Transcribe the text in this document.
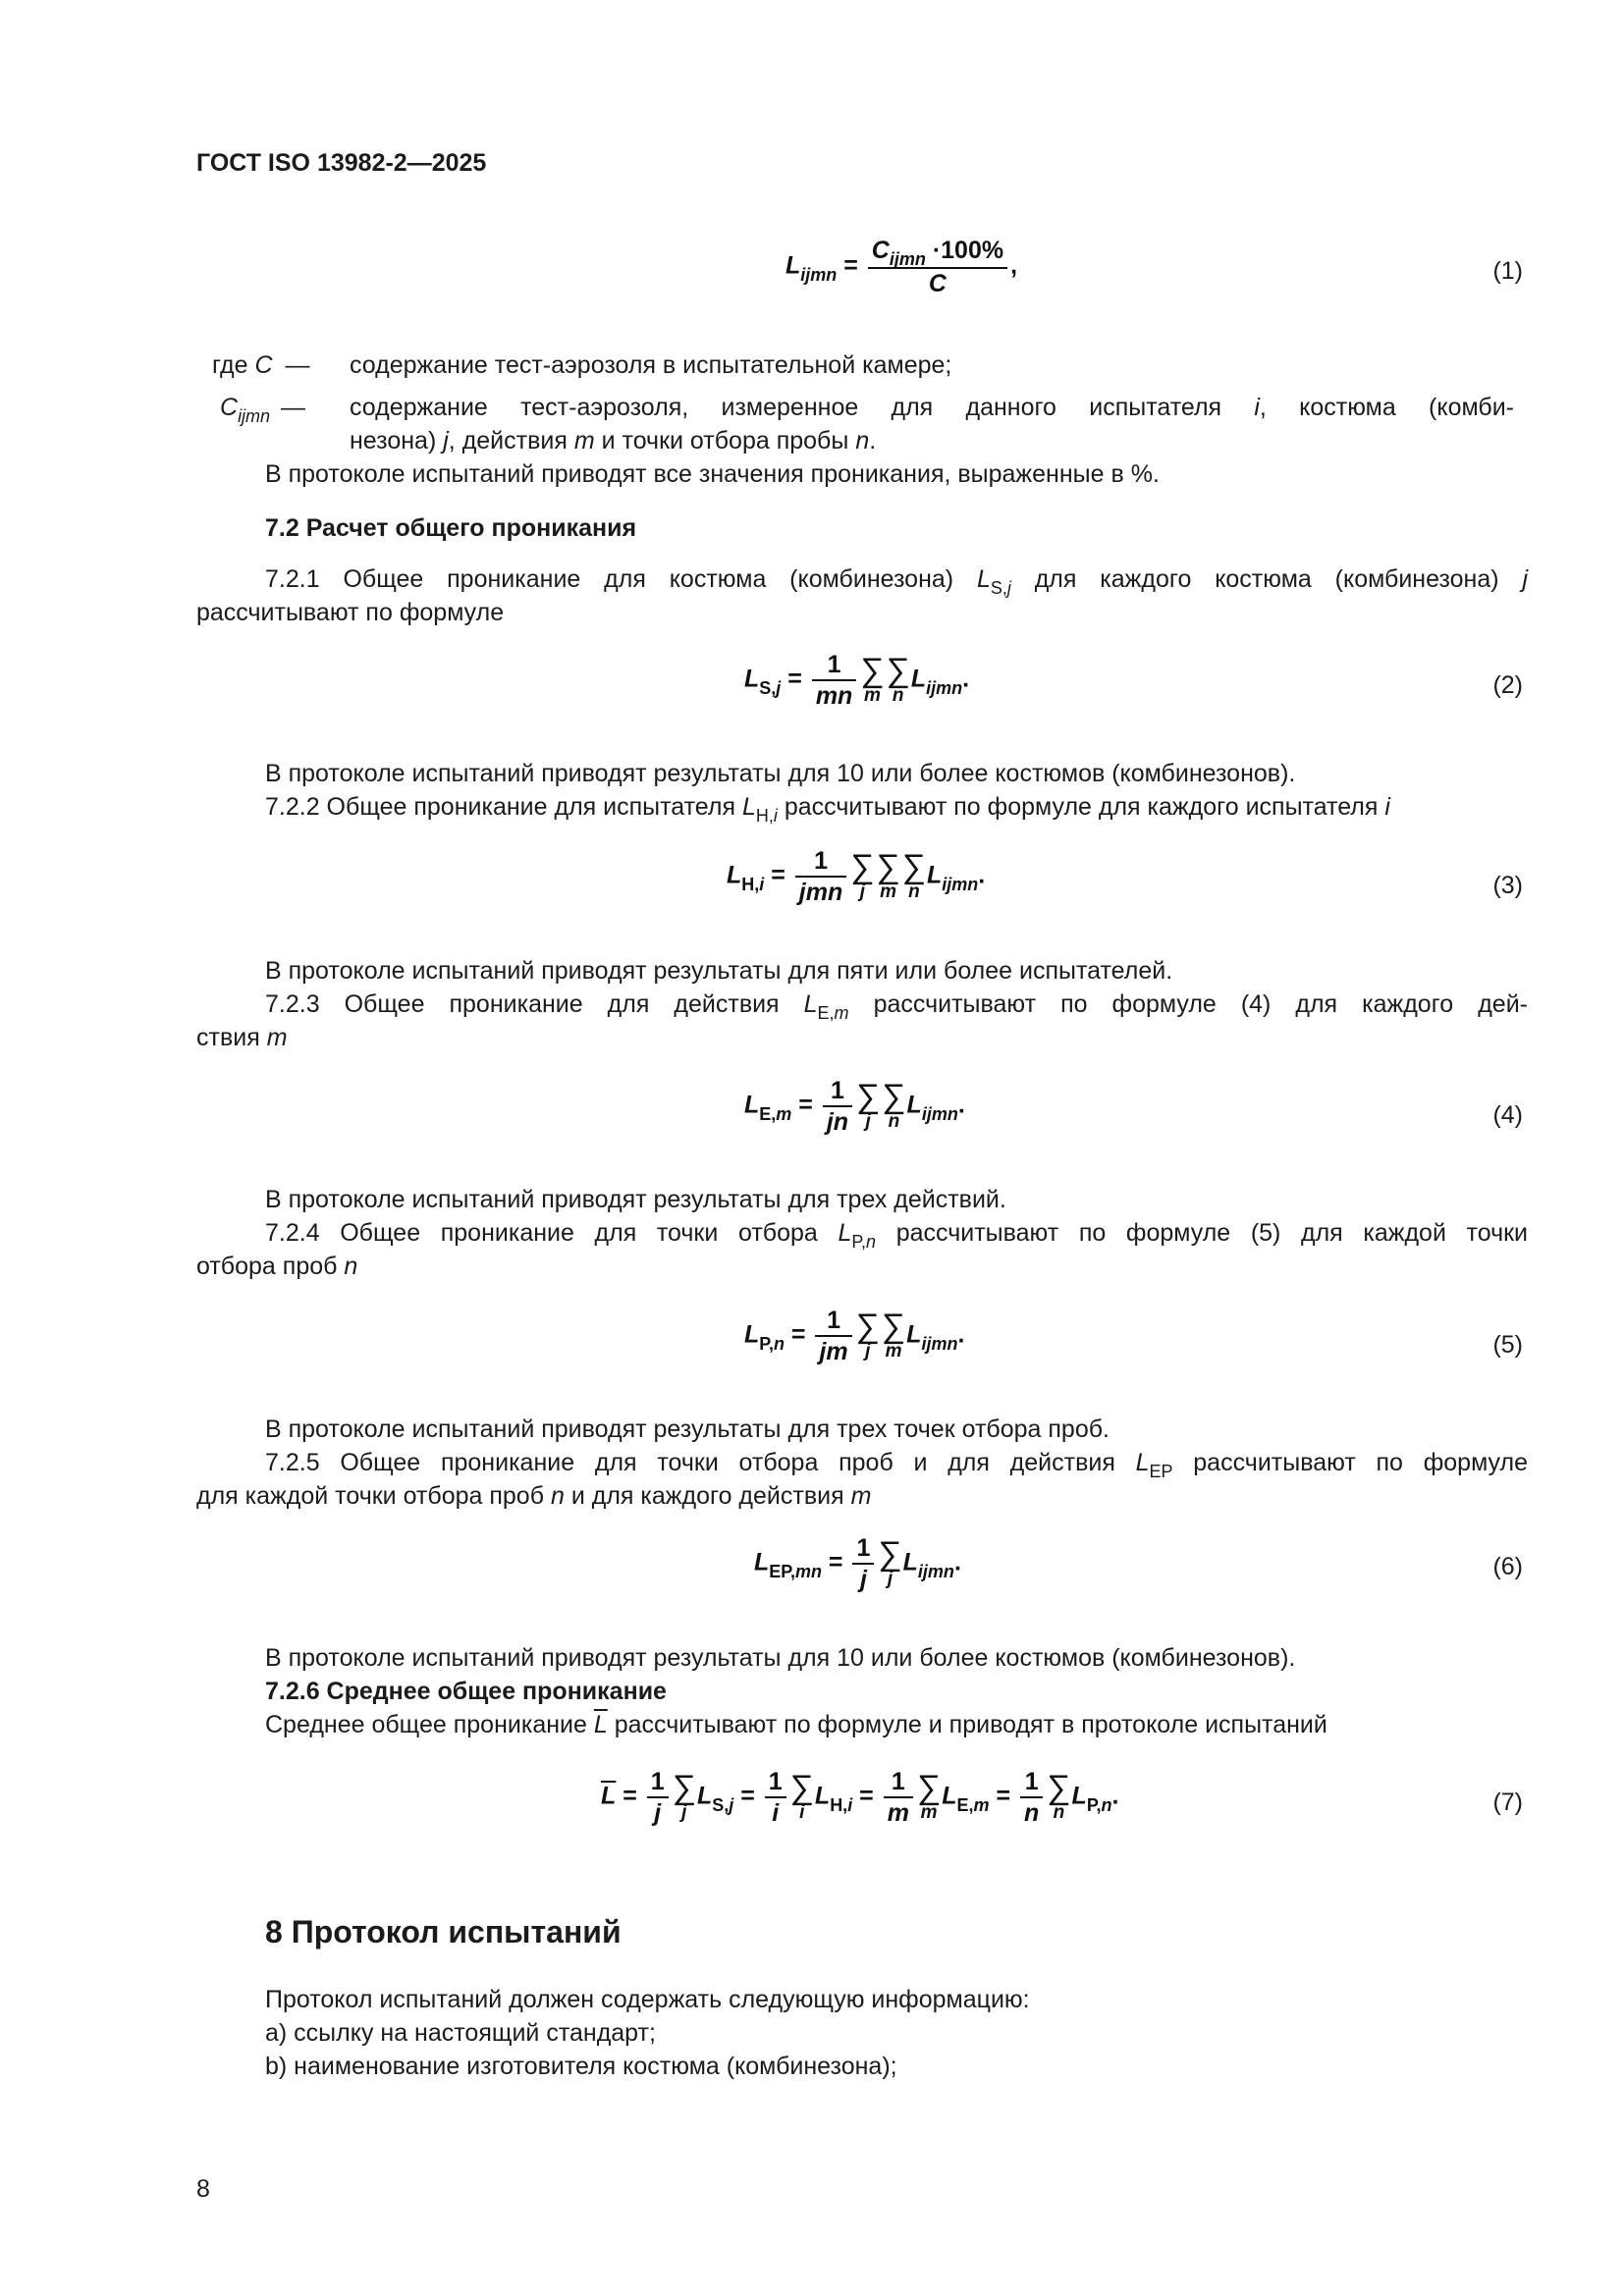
ГОСТ ISO 13982-2—2025
$L_{ijmn} = \frac{C_{ijmn} \cdot 100\%}{C}$ ,	(1)
где C — содержание тест-аэрозоля в испытательной камере;
$C_{ijmn}$ — содержание тест-аэрозоля, измеренное для данного испытателя i, костюма (комби-
незона) j, действия m и точки отбора пробы n.
В протоколе испытаний приводят все значения проникания, выраженные в %.
7.2 Расчет общего проникания
7.2.1 Общее проникание для костюма (комбинезона) $L_{S,j}$ для каждого костюма (комбинезона) j
рассчитывают по формуле
$L_{S,j} = \frac{1}{mn}$ ∑
m
∑
n
$L_{ijmn}$.	(2)
В протоколе испытаний приводят результаты для 10 или более костюмов (комбинезонов).
7.2.2 Общее проникание для испытателя $L_{H,i}$ рассчитывают по формуле для каждого испытателя i
$L_{H,i} = \frac{1}{\text{jmn}}$ ∑
j
∑
m
∑
n
$L_{ijmn}$.	(3)
В протоколе испытаний приводят результаты для пяти или более испытателей.
7.2.3 Общее проникание для действия $L_{E,m}$ рассчитывают по формуле (4) для каждого дей-
ствия m
$L_{E,m} = \frac{1}{jn}$ ∑
j
∑
n
$L_{ijmn}$.	(4)
В протоколе испытаний приводят результаты для трех действий.
7.2.4 Общее проникание для точки отбора $L_{P,n}$ рассчитывают по формуле (5) для каждой точки
отбора проб n
$L_{P,n} = \frac{1}{jm}$ ∑
j
∑
m
$L_{ijmn}$.	(5)
В протоколе испытаний приводят результаты для трех точек отбора проб.
7.2.5 Общее проникание для точки отбора проб и для действия $L_{EP}$ рассчитывают по формуле
для каждой точки отбора проб n и для каждого действия m
$L_{EP,mn} = \frac{1}{j}$ ∑
j
$L_{ijmn}$.	(6)
В протоколе испытаний приводят результаты для 10 или более костюмов (комбинезонов).
7.2.6 Среднее общее проникание
Среднее общее проникание $\overline{L}$ рассчитывают по формуле и приводят в протоколе испытаний
$\overline{L} = \frac{1}{j}$ ∑
j
$L_{S,j} = \frac{1}{i}$ ∑
i
$L_{H,i} = \frac{1}{m}$ ∑
m
$L_{E,m} = \frac{1}{n}$ ∑
n
$L_{P,n}$.	(7)
8 Протокол испытаний
Протокол испытаний должен содержать следующую информацию:
a) ссылку на настоящий стандарт;
b) наименование изготовителя костюма (комбинезона);
8
